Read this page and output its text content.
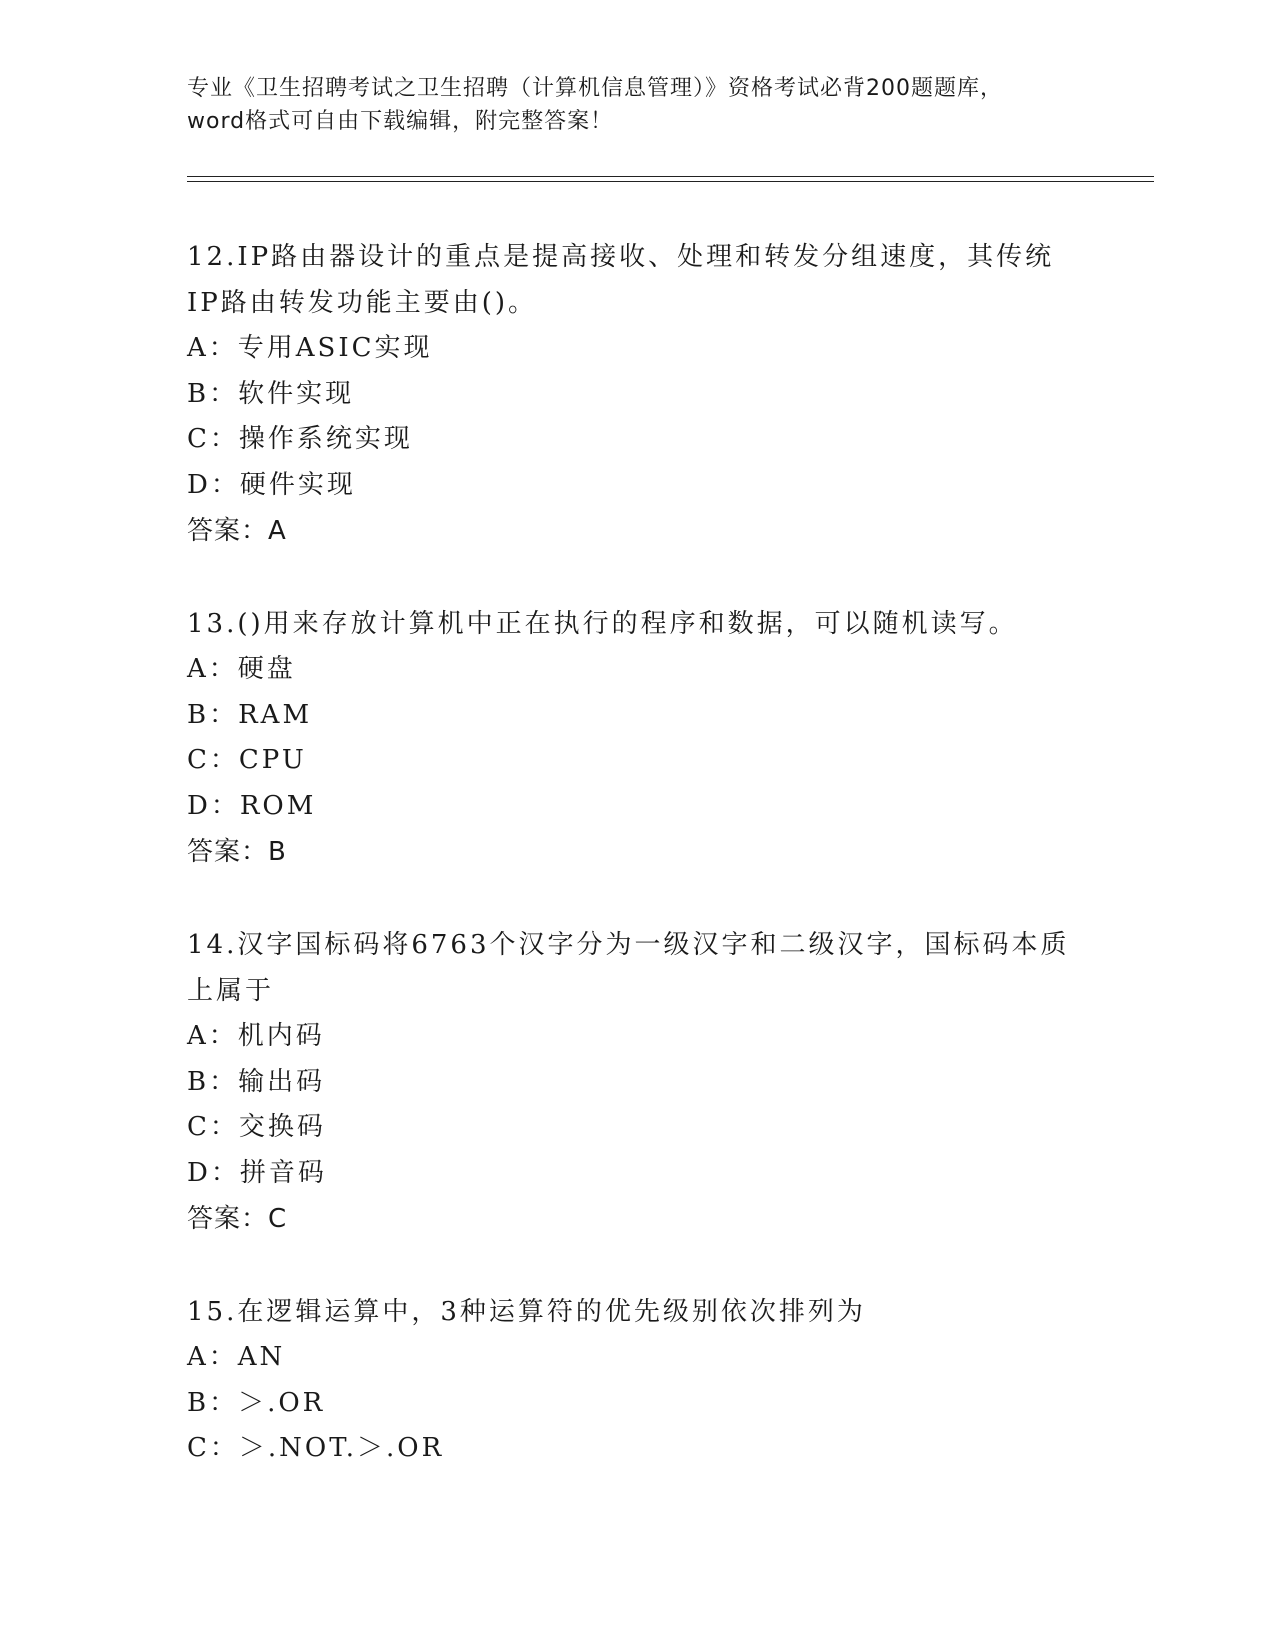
专业《卫生招聘考试之卫生招聘（计算机信息管理）》资格考试必背200题题库，
word格式可自由下载编辑，附完整答案！
12.IP路由器设计的重点是提高接收、处理和转发分组速度，其传统
IP路由转发功能主要由()。
A：专用ASIC实现
B：软件实现
C：操作系统实现
D：硬件实现
答案：A
13.()用来存放计算机中正在执行的程序和数据，可以随机读写。
A：硬盘
B：RAM
C：CPU
D：ROM
答案：B
14.汉字国标码将6763个汉字分为一级汉字和二级汉字，国标码本质
上属于
A：机内码
B：输出码
C：交换码
D：拼音码
答案：C
15.在逻辑运算中，3种运算符的优先级别依次排列为
A：AN
B：＞.OR
C：＞.NOT.＞.OR
